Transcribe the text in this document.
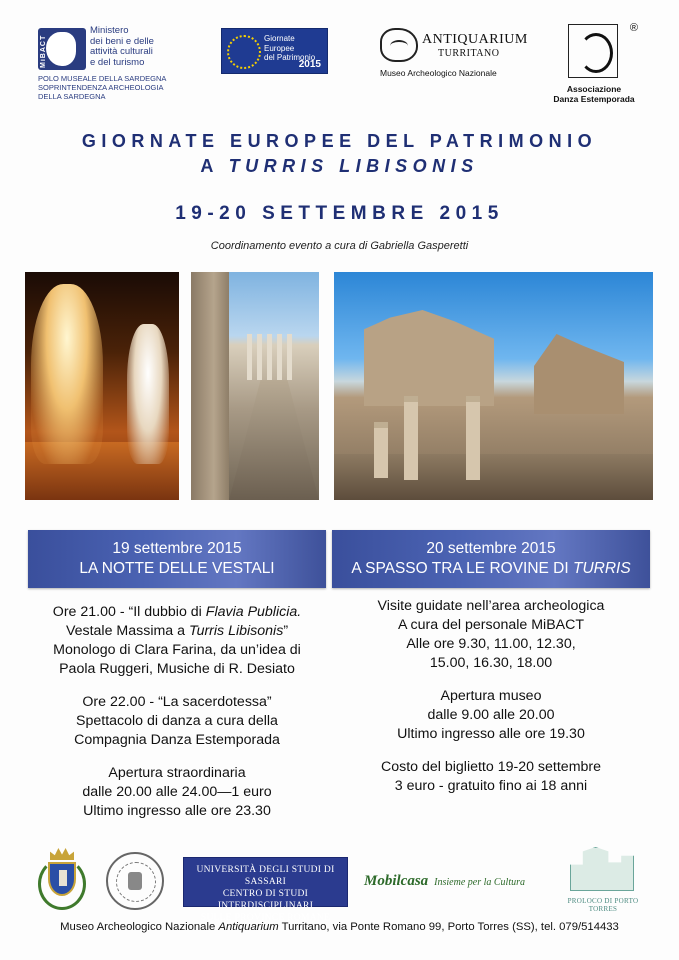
MiBACT
Ministero
dei beni e delle
attività culturali
e del turismo
POLO MUSEALE DELLA SARDEGNA
SOPRINTENDENZA ARCHEOLOGIA
DELLA SARDEGNA
Giornate Europee
del Patrimonio
2015
ANTIQUARIUM
TURRITANO
Museo Archeologico Nazionale
®
Associazione
Danza Estemporada
GIORNATE EUROPEE DEL PATRIMONIO
A TURRIS LIBISONIS
19-20 SETTEMBRE 2015
Coordinamento evento a cura di Gabriella Gasperetti
19 settembre 2015
LA NOTTE DELLE VESTALI
20 settembre 2015
A SPASSO TRA LE ROVINE DI TURRIS

Ore 21.00 - “Il dubbio di Flavia Publicia.

Vestale Massima a Turris Libisonis”

Monologo di Clara Farina, da un’idea di

Paola Ruggeri, Musiche di R. Desiato

Ore 22.00 - “La sacerdotessa”

Spettacolo di danza a cura della

Compagnia Danza Estemporada

Apertura straordinaria

dalle 20.00 alle 24.00—1 euro

Ultimo ingresso alle ore 23.30

Visite guidate nell’area archeologica

A cura del personale MiBACT

Alle ore 9.30, 11.00, 12.30,

15.00, 16.30, 18.00

Apertura museo

dalle 9.00 alle 20.00

Ultimo ingresso alle ore 19.30

Costo del biglietto 19-20 settembre

3 euro - gratuito fino ai 18 anni

UNIVERSITÀ DEGLI STUDI DI SASSARI
CENTRO DI STUDI INTERDISCIPLINARI
SULLE PROVINCE ROMANE
Mobilcasa Insieme per la Cultura
PROLOCO DI PORTO TORRES
Museo Archeologico Nazionale Antiquarium Turritano, via Ponte Romano 99, Porto Torres (SS), tel. 079/514433
